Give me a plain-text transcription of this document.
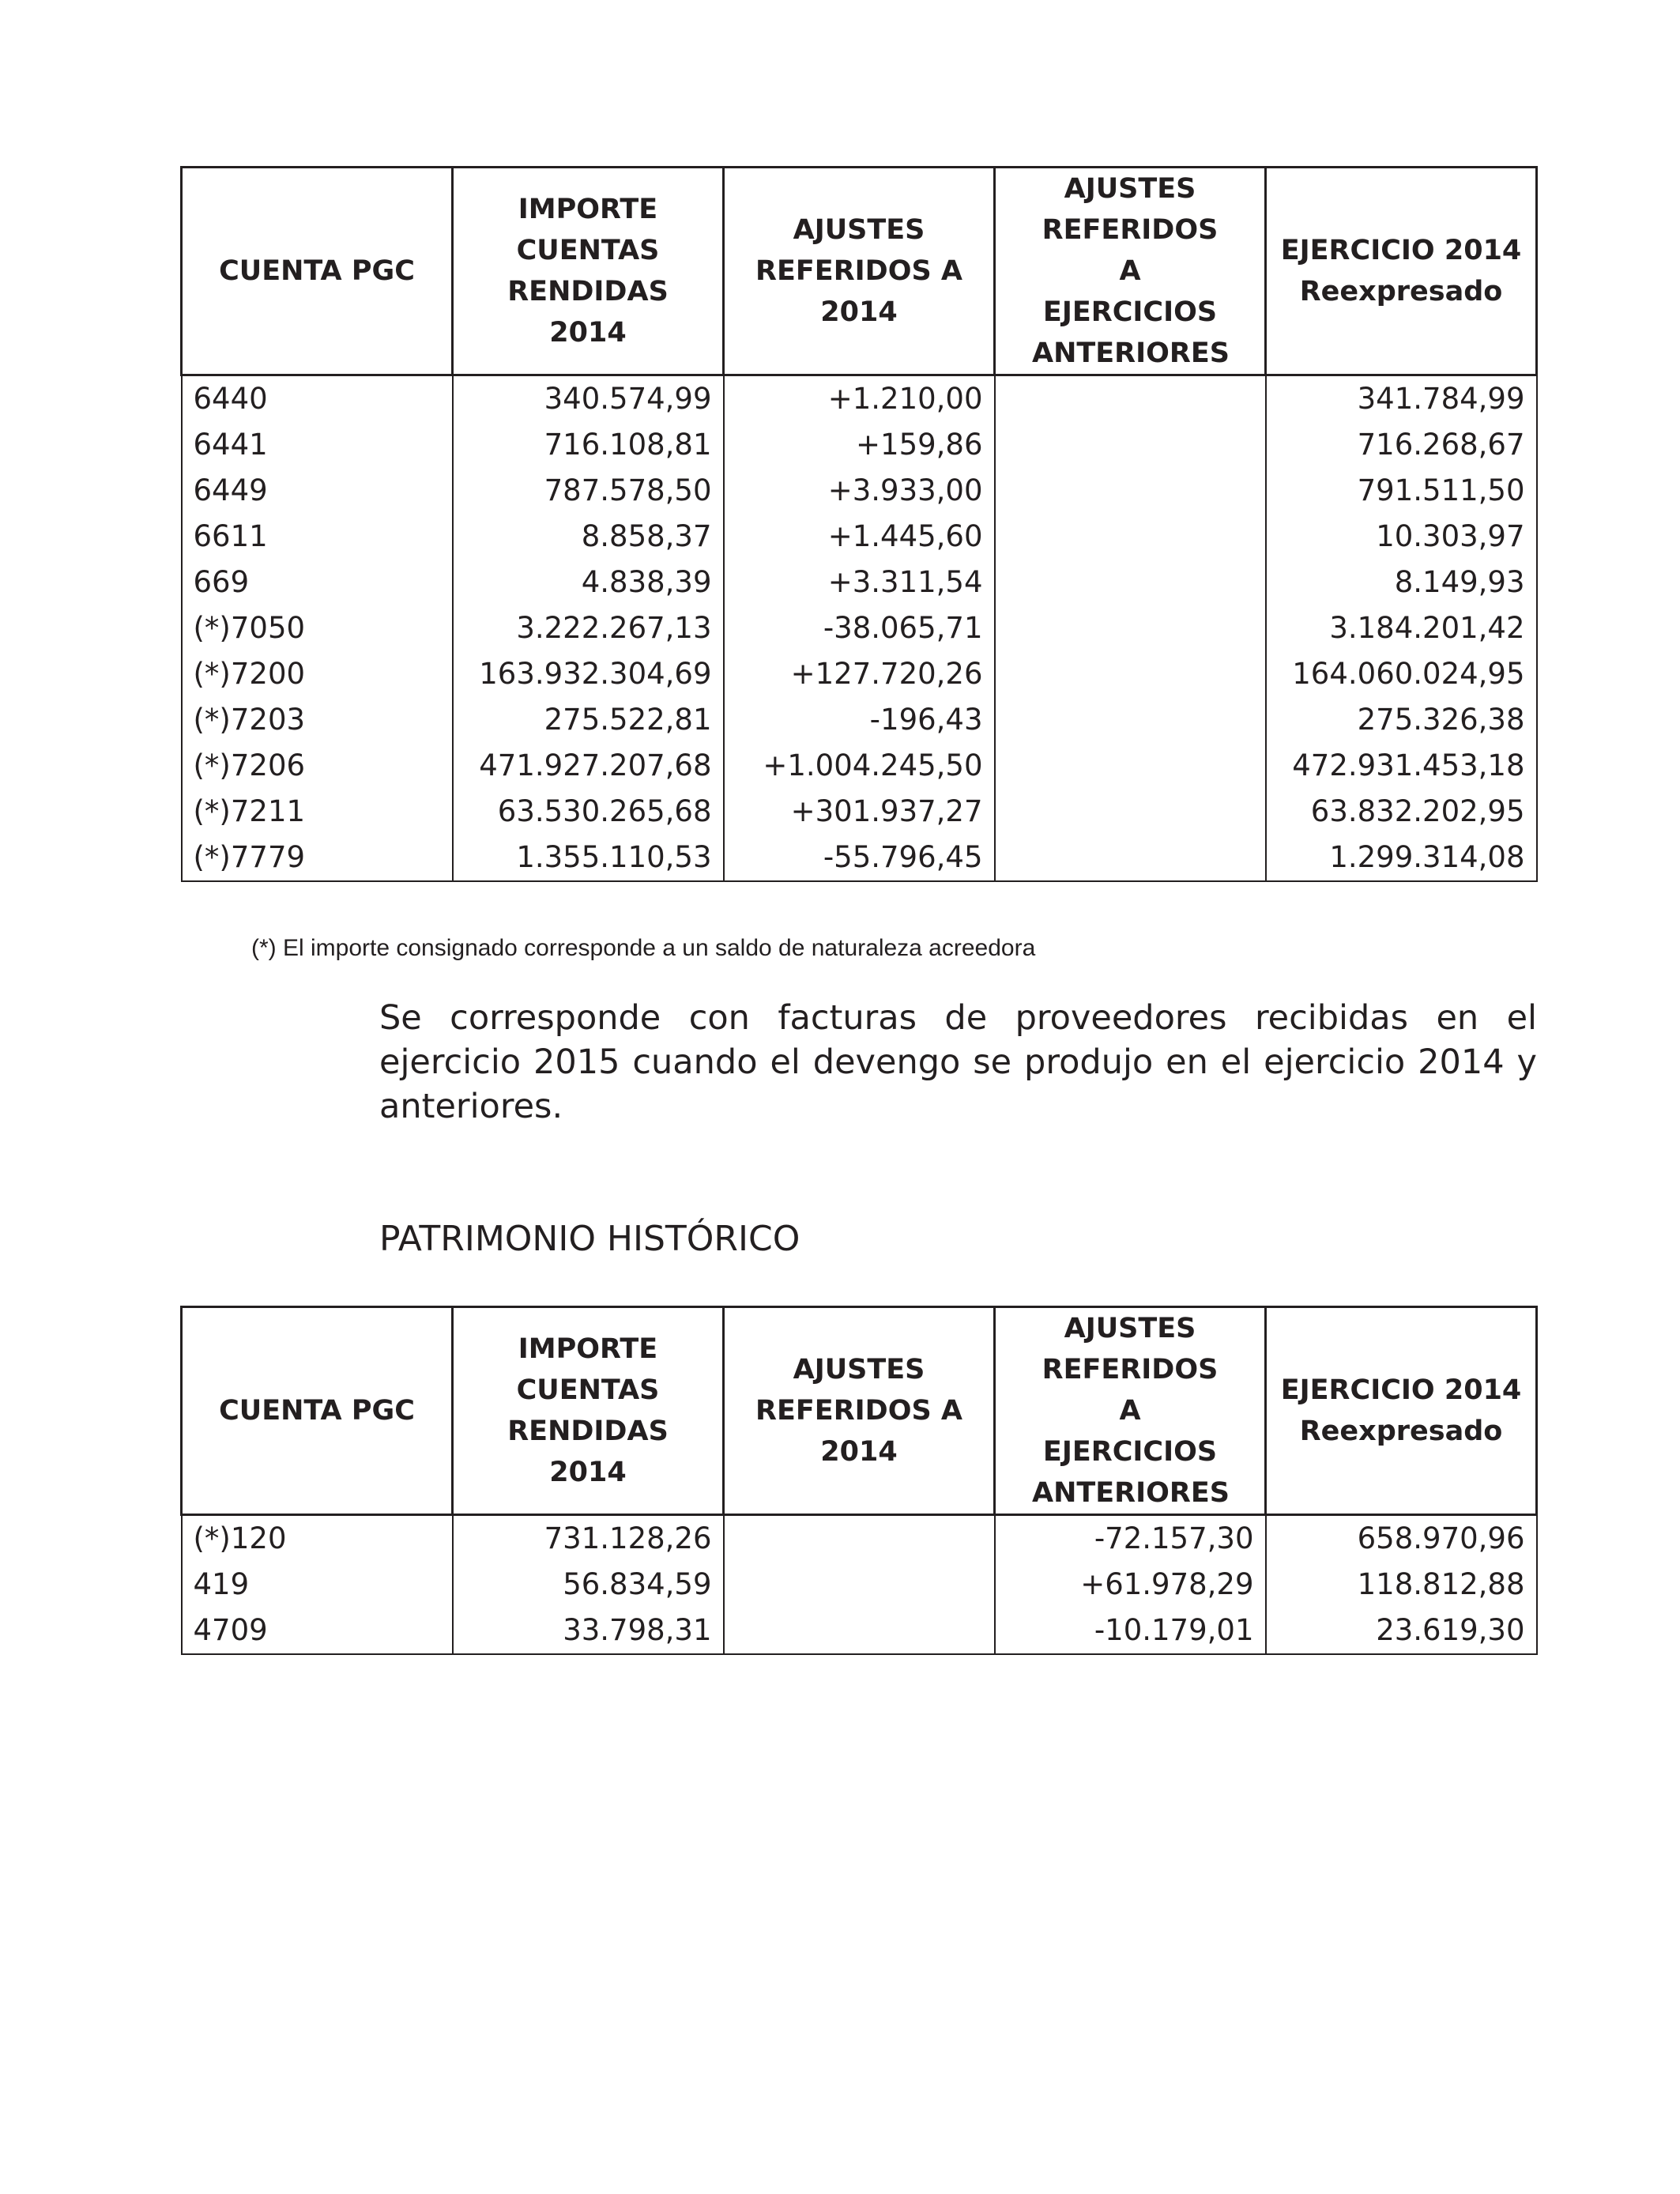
CUENTA PGC	IMPORTE CUENTAS RENDIDAS 2014	AJUSTES REFERIDOS A 2014	AJUSTES REFERIDOS A EJERCICIOS ANTERIORES	EJERCICIO 2014
Reexpresado

6440	340.574,99	+1.210,00		341.784,99
6441	716.108,81	+159,86		716.268,67
6449	787.578,50	+3.933,00		791.511,50
6611	8.858,37	+1.445,60		10.303,97
669	4.838,39	+3.311,54		8.149,93
(*)7050	3.222.267,13	-38.065,71		3.184.201,42
(*)7200	163.932.304,69	+127.720,26		164.060.024,95
(*)7203	275.522,81	-196,43		275.326,38
(*)7206	471.927.207,68	+1.004.245,50		472.931.453,18
(*)7211	63.530.265,68	+301.937,27		63.832.202,95
(*)7779	1.355.110,53	-55.796,45		1.299.314,08
(*) El importe consignado corresponde a un saldo de naturaleza acreedora
Se corresponde con facturas de proveedores recibidas en el ejercicio 2015 cuando el devengo se produjo en el ejercicio 2014 y anteriores.
PATRIMONIO HISTÓRICO
CUENTA PGC	IMPORTE CUENTAS RENDIDAS 2014	AJUSTES REFERIDOS A 2014	AJUSTES REFERIDOS A EJERCICIOS ANTERIORES	EJERCICIO 2014
Reexpresado

(*)120	731.128,26		-72.157,30	658.970,96
419	56.834,59		+61.978,29	118.812,88
4709	33.798,31		-10.179,01	23.619,30
